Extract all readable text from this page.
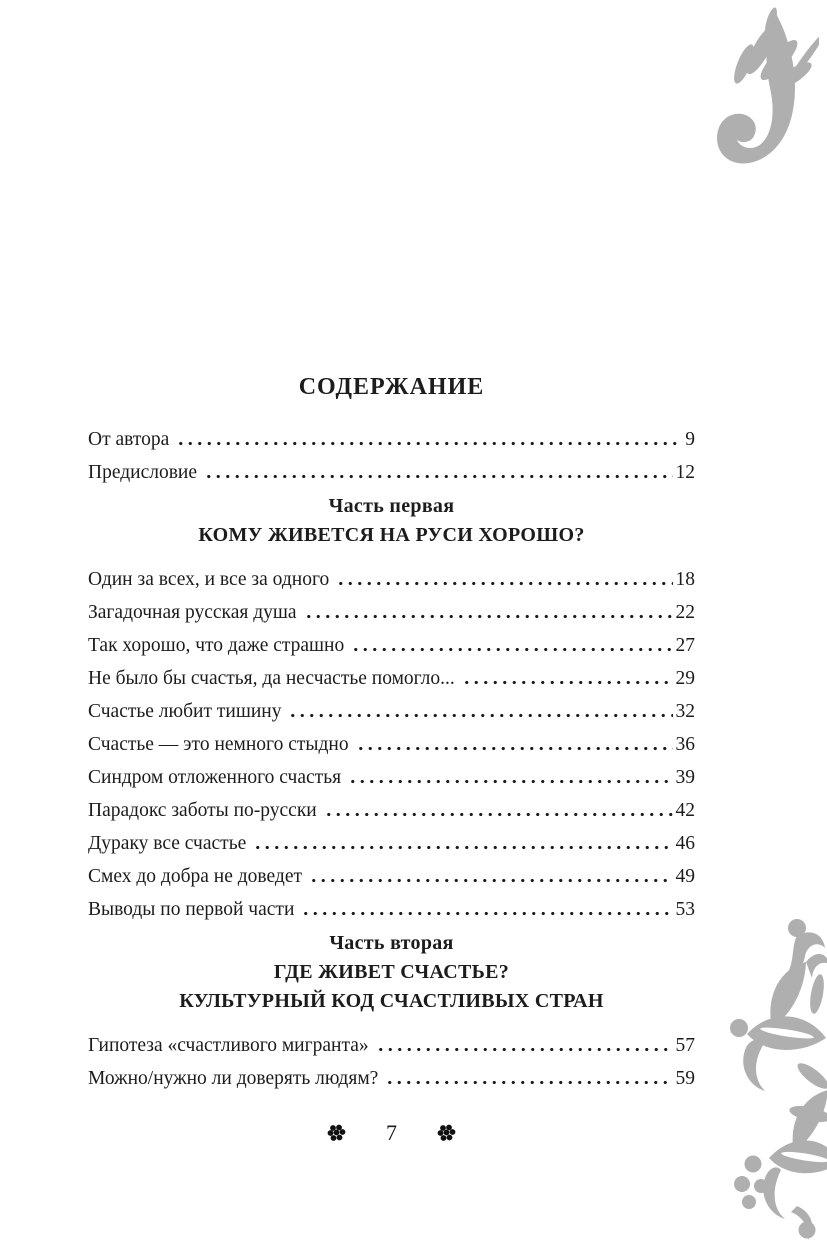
СОДЕРЖАНИЕ
От автора	9
Предисловие	12
Часть первая
КОМУ ЖИВЕТСЯ НА РУСИ ХОРОШО?
Один за всех, и все за одного	18
Загадочная русская душа	22
Так хорошо, что даже страшно	27
Не было бы счастья, да несчастье помогло...	29
Счастье любит тишину	32
Счастье — это немного стыдно	36
Синдром отложенного счастья	39
Парадокс заботы по-русски	42
Дураку все счастье	46
Смех до добра не доведет	49
Выводы по первой части	53
Часть вторая
ГДЕ ЖИВЕТ СЧАСТЬЕ?
КУЛЬТУРНЫЙ КОД СЧАСТЛИВЫХ СТРАН
Гипотеза «счастливого мигранта»	57
Можно/нужно ли доверять людям?	59
7
